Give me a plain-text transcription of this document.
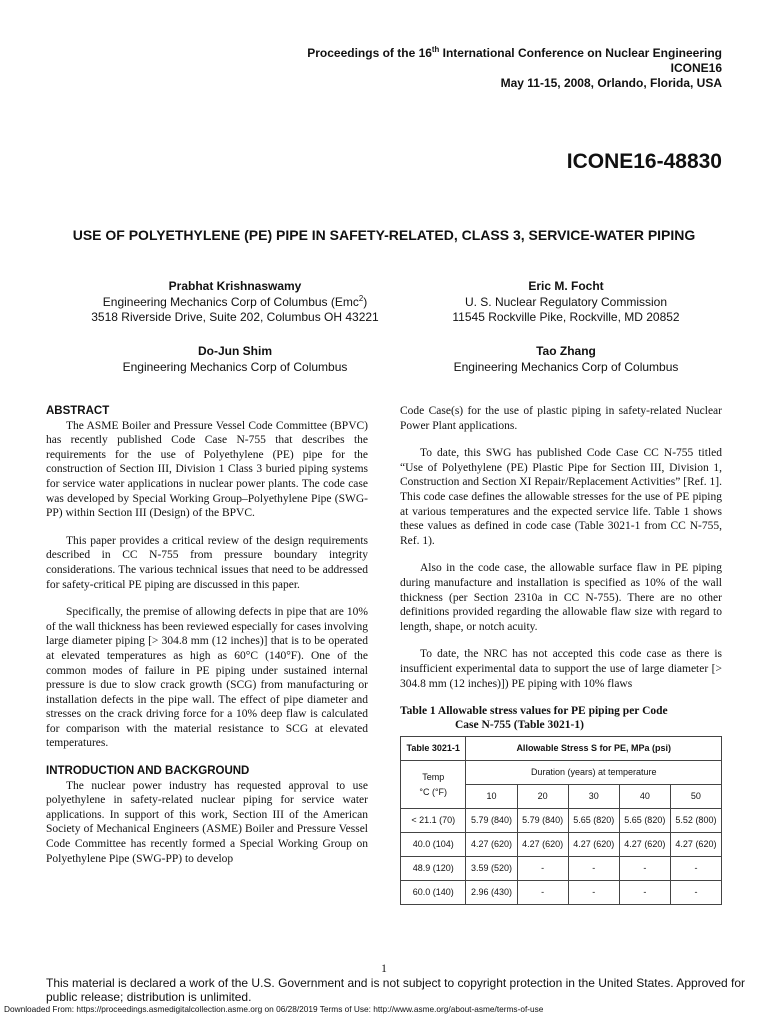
Proceedings of the 16th International Conference on Nuclear Engineering
ICONE16
May 11-15, 2008, Orlando, Florida, USA
ICONE16-48830
USE OF POLYETHYLENE (PE) PIPE IN SAFETY-RELATED, CLASS 3, SERVICE-WATER PIPING
Prabhat Krishnaswamy
Engineering Mechanics Corp of Columbus (Emc$^2$)
3518 Riverside Drive, Suite 202, Columbus OH 43221
Eric M. Focht
U. S. Nuclear Regulatory Commission
11545 Rockville Pike, Rockville, MD 20852
Do-Jun Shim
Engineering Mechanics Corp of Columbus
Tao Zhang
Engineering Mechanics Corp of Columbus
ABSTRACT

The ASME Boiler and Pressure Vessel Code Committee (BPVC) has recently published Code Case N-755 that describes the requirements for the use of Polyethylene (PE) pipe for the construction of Section III, Division 1 Class 3 buried piping systems for service water applications in nuclear power plants. The code case was developed by Special Working Group–Polyethylene Pipe (SWG-PP) within Section III (Design) of the BPVC.

This paper provides a critical review of the design requirements described in CC N-755 from pressure boundary integrity considerations. The various technical issues that need to be addressed for safety-critical PE piping are discussed in this paper.

Specifically, the premise of allowing defects in pipe that are 10% of the wall thickness has been reviewed especially for cases involving large diameter piping [> 304.8 mm (12 inches)] that is to be operated at elevated temperatures as high as 60°C (140°F). One of the common modes of failure in PE piping under sustained internal pressure is due to slow crack growth (SCG) from manufacturing or installation defects in the pipe wall. The effect of pipe diameter and stresses on the crack driving force for a 10% deep flaw is calculated for comparison with the material resistance to SCG at elevated temperatures.

INTRODUCTION AND BACKGROUND

The nuclear power industry has requested approval to use polyethylene in safety-related nuclear piping for service water applications. In support of this work, Section III of the American Society of Mechanical Engineers (ASME) Boiler and Pressure Vessel Code Committee has recently formed a Special Working Group on Polyethylene Pipe (SWG-PP) to develop

Code Case(s) for the use of plastic piping in safety-related Nuclear Power Plant applications.

To date, this SWG has published Code Case CC N-755 titled “Use of Polyethylene (PE) Plastic Pipe for Section III, Division 1, Construction and Section XI Repair/Replacement Activities” [Ref. 1]. This code case defines the allowable stresses for the use of PE piping at various temperatures and the expected service life. Table 1 shows these values as defined in code case (Table 3021-1 from CC N-755, Ref. 1).

Also in the code case, the allowable surface flaw in PE piping during manufacture and installation is specified as 10% of the wall thickness (per Section 2310a in CC N-755). There are no other definitions provided regarding the allowable flaw size with regard to length, shape, or notch acuity.

To date, the NRC has not accepted this code case as there is insufficient experimental data to support the use of large diameter [> 304.8 mm (12 inches)]) PE piping with 10% flaws

Table 1 Allowable stress values for PE piping per Code
Case N-755 (Table 3021-1)
Table 3021-1	Allowable Stress S for PE, MPa (psi)				
Temp
°C (°F)	Duration (years) at temperature				
	10	20	30	40	50
< 21.1 (70)	5.79 (840)	5.79 (840)	5.65 (820)	5.65 (820)	5.52 (800)
40.0 (104)	4.27 (620)	4.27 (620)	4.27 (620)	4.27 (620)	4.27 (620)
48.9 (120)	3.59 (520)	-	-	-	-
60.0 (140)	2.96 (430)	-	-	-	-
1
This material is declared a work of the U.S. Government and is not subject to copyright protection in the United States. Approved for public release; distribution is unlimited.
Downloaded From: https://proceedings.asmedigitalcollection.asme.org on 06/28/2019 Terms of Use: http://www.asme.org/about-asme/terms-of-use
